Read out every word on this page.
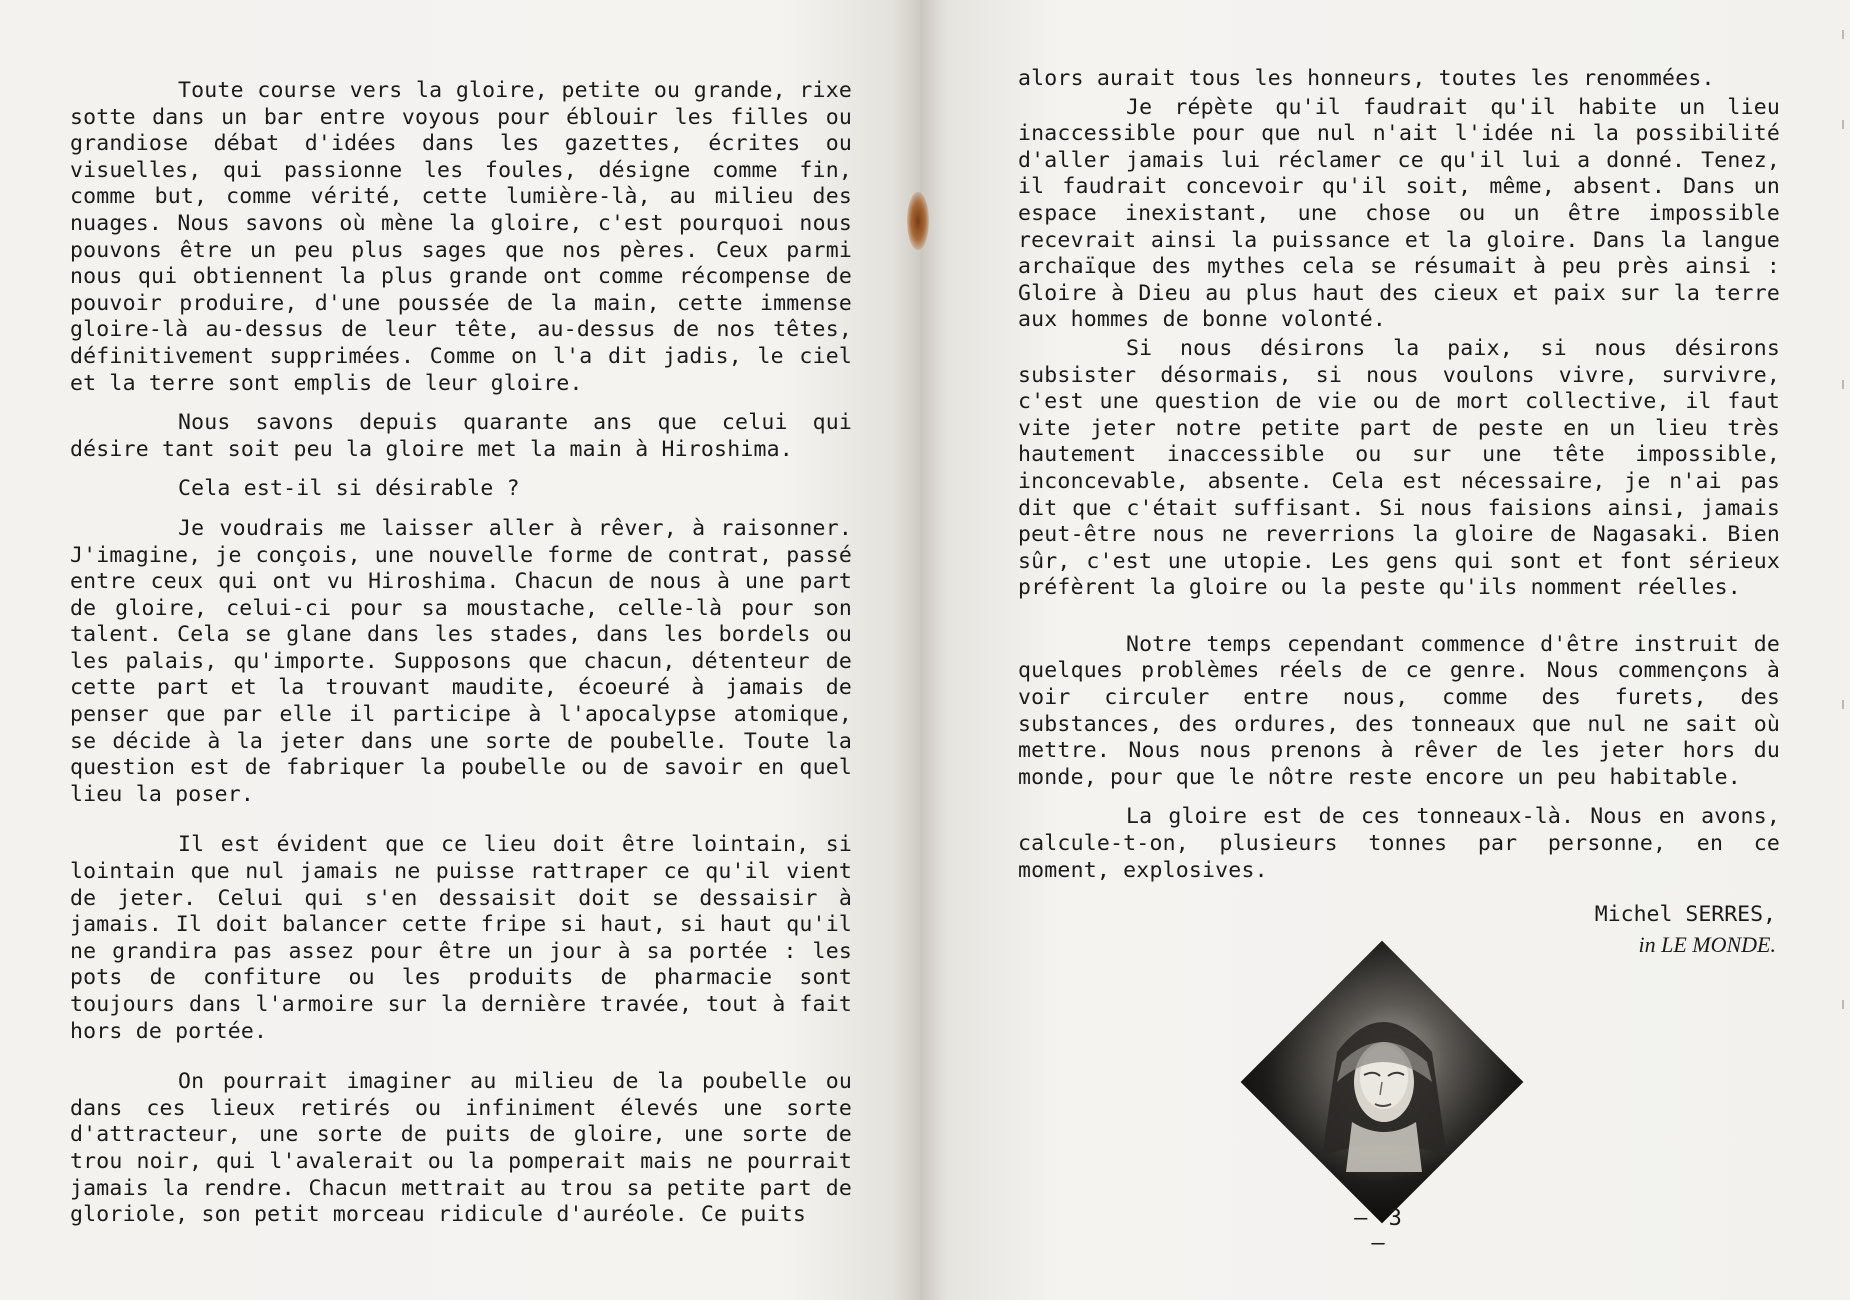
Toute course vers la gloire, petite ou grande, rixe sotte dans un bar entre voyous pour éblouir les filles ou grandiose débat d'idées dans les gazettes, écrites ou visuelles, qui passionne les foules, désigne comme fin, comme but, comme vérité, cette lumière-là, au milieu des nuages. Nous savons où mène la gloire, c'est pourquoi nous pouvons être un peu plus sages que nos pères. Ceux parmi nous qui obtiennent la plus grande ont comme récompense de pouvoir produire, d'une poussée de la main, cette immense gloire-là au-dessus de leur tête, au-dessus de nos têtes, définitivement supprimées. Comme on l'a dit jadis, le ciel et la terre sont emplis de leur gloire.

Nous savons depuis quarante ans que celui qui désire tant soit peu la gloire met la main à Hiroshima.

Cela est-il si désirable ?

Je voudrais me laisser aller à rêver, à raisonner. J'imagine, je conçois, une nouvelle forme de contrat, passé entre ceux qui ont vu Hiroshima. Chacun de nous à une part de gloire, celui-ci pour sa moustache, celle-là pour son talent. Cela se glane dans les stades, dans les bordels ou les palais, qu'importe. Supposons que chacun, détenteur de cette part et la trouvant maudite, écoeuré à jamais de penser que par elle il participe à l'apocalypse atomique, se décide à la jeter dans une sorte de poubelle. Toute la question est de fabriquer la poubelle ou de savoir en quel lieu la poser.

Il est évident que ce lieu doit être lointain, si lointain que nul jamais ne puisse rattraper ce qu'il vient de jeter. Celui qui s'en dessaisit doit se dessaisir à jamais. Il doit balancer cette fripe si haut, si haut qu'il ne grandira pas assez pour être un jour à sa portée : les pots de confiture ou les produits de pharmacie sont toujours dans l'armoire sur la dernière travée, tout à fait hors de portée.

On pourrait imaginer au milieu de la poubelle ou dans ces lieux retirés ou infiniment élevés une sorte d'attracteur, une sorte de puits de gloire, une sorte de trou noir, qui l'avalerait ou la pomperait mais ne pourrait jamais la rendre. Chacun mettrait au trou sa petite part de gloriole, son petit morceau ridicule d'auréole. Ce puits

alors aurait tous les honneurs, toutes les renommées.

Je répète qu'il faudrait qu'il habite un lieu inaccessible pour que nul n'ait l'idée ni la possibilité d'aller jamais lui réclamer ce qu'il lui a donné. Tenez, il faudrait concevoir qu'il soit, même, absent. Dans un espace inexistant, une chose ou un être impossible recevrait ainsi la puissance et la gloire. Dans la langue archaïque des mythes cela se résumait à peu près ainsi : Gloire à Dieu au plus haut des cieux et paix sur la terre aux hommes de bonne volonté.

Si nous désirons la paix, si nous désirons subsister désormais, si nous voulons vivre, survivre, c'est une question de vie ou de mort collective, il faut vite jeter notre petite part de peste en un lieu très hautement inaccessible ou sur une tête impossible, inconcevable, absente. Cela est nécessaire, je n'ai pas dit que c'était suffisant. Si nous faisions ainsi, jamais peut-être nous ne reverrions la gloire de Nagasaki. Bien sûr, c'est une utopie. Les gens qui sont et font sérieux préfèrent la gloire ou la peste qu'ils nomment réelles.

Notre temps cependant commence d'être instruit de quelques problèmes réels de ce genre. Nous commençons à voir circuler entre nous, comme des furets, des substances, des ordures, des tonneaux que nul ne sait où mettre. Nous nous prenons à rêver de les jeter hors du monde, pour que le nôtre reste encore un peu habitable.

La gloire est de ces tonneaux-là. Nous en avons, calcule-t-on, plusieurs tonnes par personne, en ce moment, explosives.

Michel SERRES,
in LE MONDE.
– 3 –
